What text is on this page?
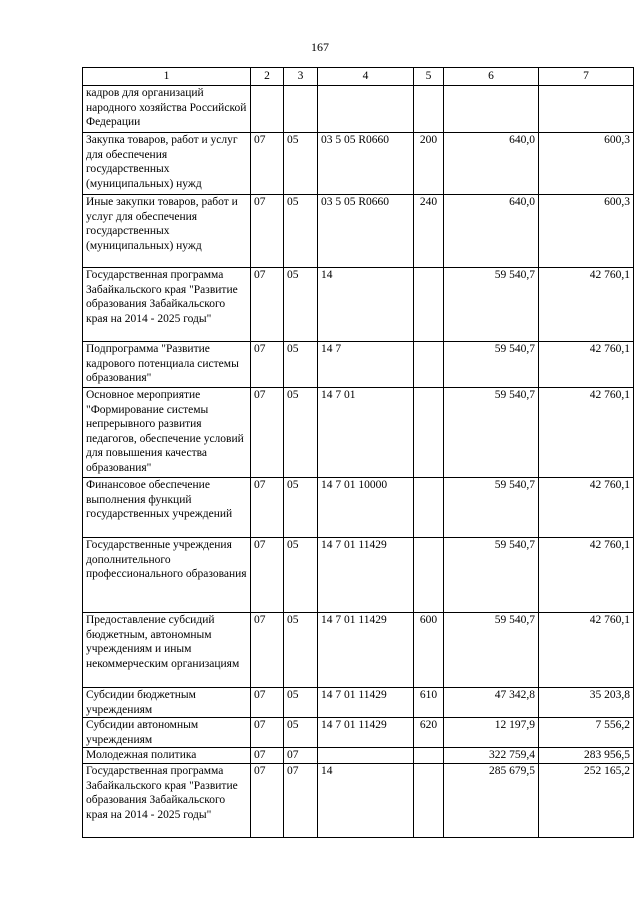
167
1	2	3	4	5	6	7
кадров для организаций народного хозяйства Российской Федерации						
Закупка товаров, работ и услуг для обеспечения государственных (муниципальных) нужд	07	05	03 5 05 R0660	200	640,0	600,3
Иные закупки товаров, работ и услуг для обеспечения государственных (муниципальных) нужд	07	05	03 5 05 R0660	240	640,0	600,3
Государственная программа Забайкальского края "Развитие образования Забайкальского края на 2014 - 2025 годы"	07	05	14		59 540,7	42 760,1
Подпрограмма "Развитие кадрового потенциала системы образования"	07	05	14 7		59 540,7	42 760,1
Основное мероприятие "Формирование системы непрерывного развития педагогов, обеспечение условий для повышения качества образования"	07	05	14 7 01		59 540,7	42 760,1
Финансовое обеспечение выполнения функций государственных учреждений	07	05	14 7 01 10000		59 540,7	42 760,1
Государственные учреждения дополнительного профессионального образования	07	05	14 7 01 11429		59 540,7	42 760,1
Предоставление субсидий бюджетным, автономным учреждениям и иным некоммерческим организациям	07	05	14 7 01 11429	600	59 540,7	42 760,1
Субсидии бюджетным учреждениям	07	05	14 7 01 11429	610	47 342,8	35 203,8
Субсидии автономным учреждениям	07	05	14 7 01 11429	620	12 197,9	7 556,2
Молодежная политика	07	07			322 759,4	283 956,5
Государственная программа Забайкальского края "Развитие образования Забайкальского края на 2014 - 2025 годы"	07	07	14		285 679,5	252 165,2
